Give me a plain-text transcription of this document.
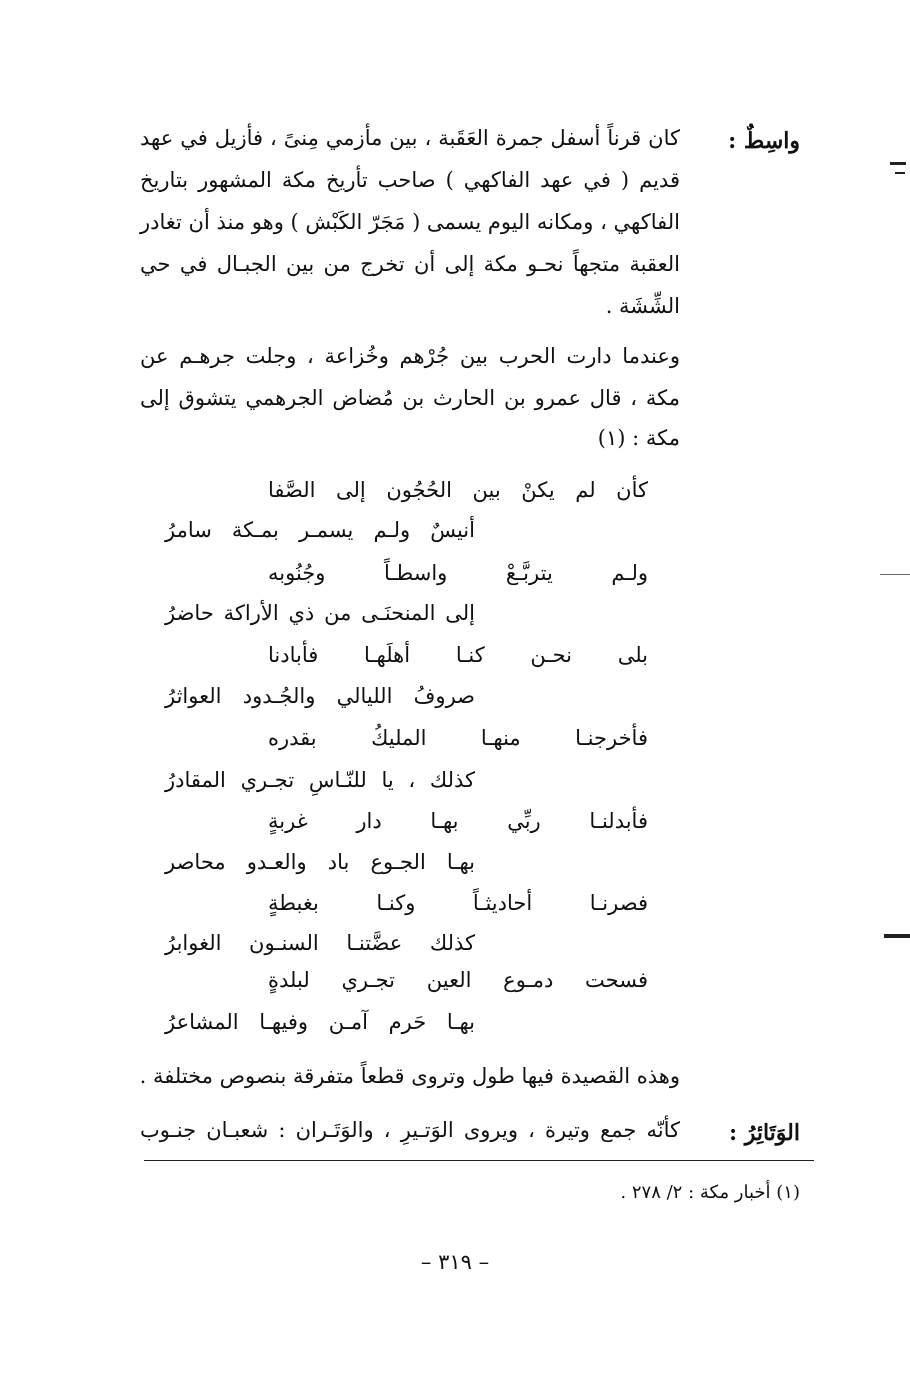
واسِطٌ :
كان قرناً أسفل جمرة العَقَبة ، بين مأزمي مِنىً ، فأزيل في عهد
قديم ( في عهد الفاكهي ) صاحب تأريخ مكة المشهور بتاريخ
الفاكهي ، ومكانه اليوم يسمى ( مَجَرّ الكَبْش ) وهو منذ أن تغادر
العقبة متجهاً نحـو مكة إلى أن تخرج من بين الجبـال في حي
الشِّشَة .
وعندما دارت الحرب بين جُرْهم وخُزاعة ، وجلت جرهـم عن
مكة ، قال عمرو بن الحارث بن مُضاض الجرهمي يتشوق إلى
مكة : (١)
كأن لم يكنْ بين الحُجُون إلى الصَّفا
أنيسٌ ولـم يسمـر بمـكة سامرُ
ولـم يتربَّـعْ واسطـاً وجُنُوبه
إلى المنحنَـى من ذي الأراكة حاضرُ
بلى نحـن كنـا أهلَهـا فأبادنا
صروفُ الليالي والجُـدود العواثرُ
فأخرجنـا منهـا المليكُ بقدره
كذلك ، يا للنّـاسِ تجـري المقادرُ
فأبدلنـا ربِّي بهـا دار غربةٍ
بهـا الجـوع باد والعـدو محاصر
فصرنـا أحاديثـاً وكنـا بغبطةٍ
كذلك عضَّتنـا السنـون الغوابرُ
فسحت دمـوع العين تجـري لبلدةٍ
بهـا حَرم آمـن وفيهـا المشاعرُ
وهذه القصيدة فيها طول وتروى قطعاً متفرقة بنصوص مختلفة .
الوَتَائِرُ :
كأنّه جمع وتيرة ، ويروى الوَتـيرِ ، والوَتَـران : شعبـان جنـوب
(١) أخبار مكة : ٢/ ٢٧٨ .
– ٣١٩ –
